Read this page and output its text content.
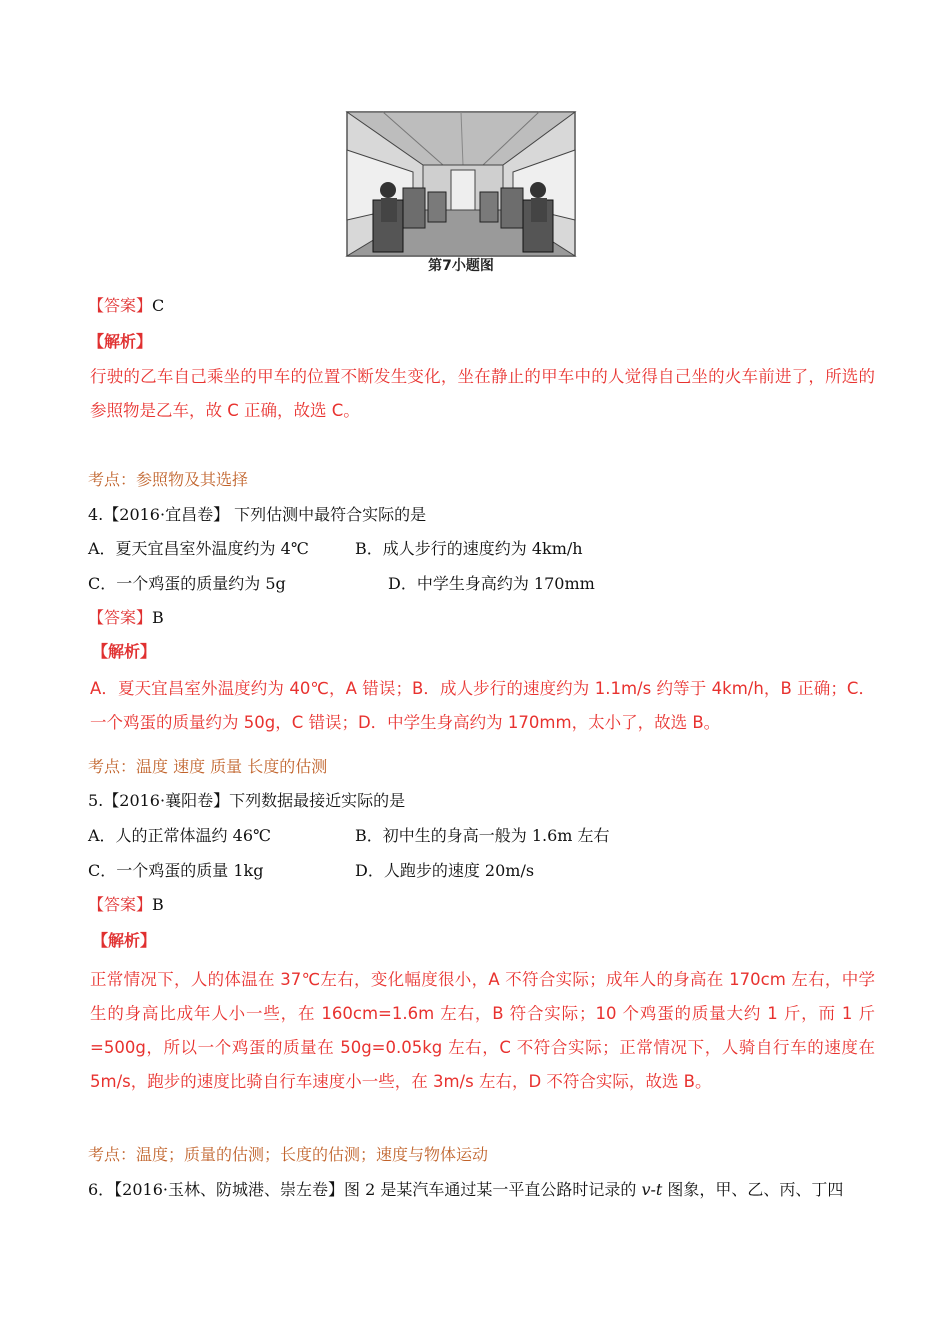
第7小题图
【答案】C
【解析】
行驶的乙车自己乘坐的甲车的位置不断发生变化，坐在静止的甲车中的人觉得自己坐的火车前进了，所选的参照物是乙车，故 C 正确，故选 C。
考点：参照物及其选择
4.【2016·宜昌卷】 下列估测中最符合实际的是
A．夏天宜昌室外温度约为 4℃	B．成人步行的速度约为 4km/h
C．一个鸡蛋的质量约为 5g	D．中学生身高约为 170mm
【答案】B
【解析】
A．夏天宜昌室外温度约为 40℃，A 错误；B．成人步行的速度约为 1.1m/s 约等于 4km/h，B 正确；C．一个鸡蛋的质量约为 50g，C 错误；D．中学生身高约为 170mm，太小了，故选 B。
考点：温度 速度 质量 长度的估测
5.【2016·襄阳卷】下列数据最接近实际的是
A．人的正常体温约 46℃	B．初中生的身高一般为 1.6m 左右
C．一个鸡蛋的质量 1kg	D．人跑步的速度 20m/s
【答案】B
【解析】
正常情况下，人的体温在 37℃左右，变化幅度很小，A 不符合实际；成年人的身高在 170cm 左右，中学生的身高比成年人小一些，在 160cm=1.6m 左右，B 符合实际；10 个鸡蛋的质量大约 1 斤，而 1 斤=500g，所以一个鸡蛋的质量在 50g=0.05kg 左右，C 不符合实际；正常情况下，人骑自行车的速度在 5m/s，跑步的速度比骑自行车速度小一些，在 3m/s 左右，D 不符合实际，故选 B。
考点：温度；质量的估测；长度的估测；速度与物体运动
6．【2016·玉林、防城港、崇左卷】图 2 是某汽车通过某一平直公路时记录的 v-t 图象，甲、乙、丙、丁四
